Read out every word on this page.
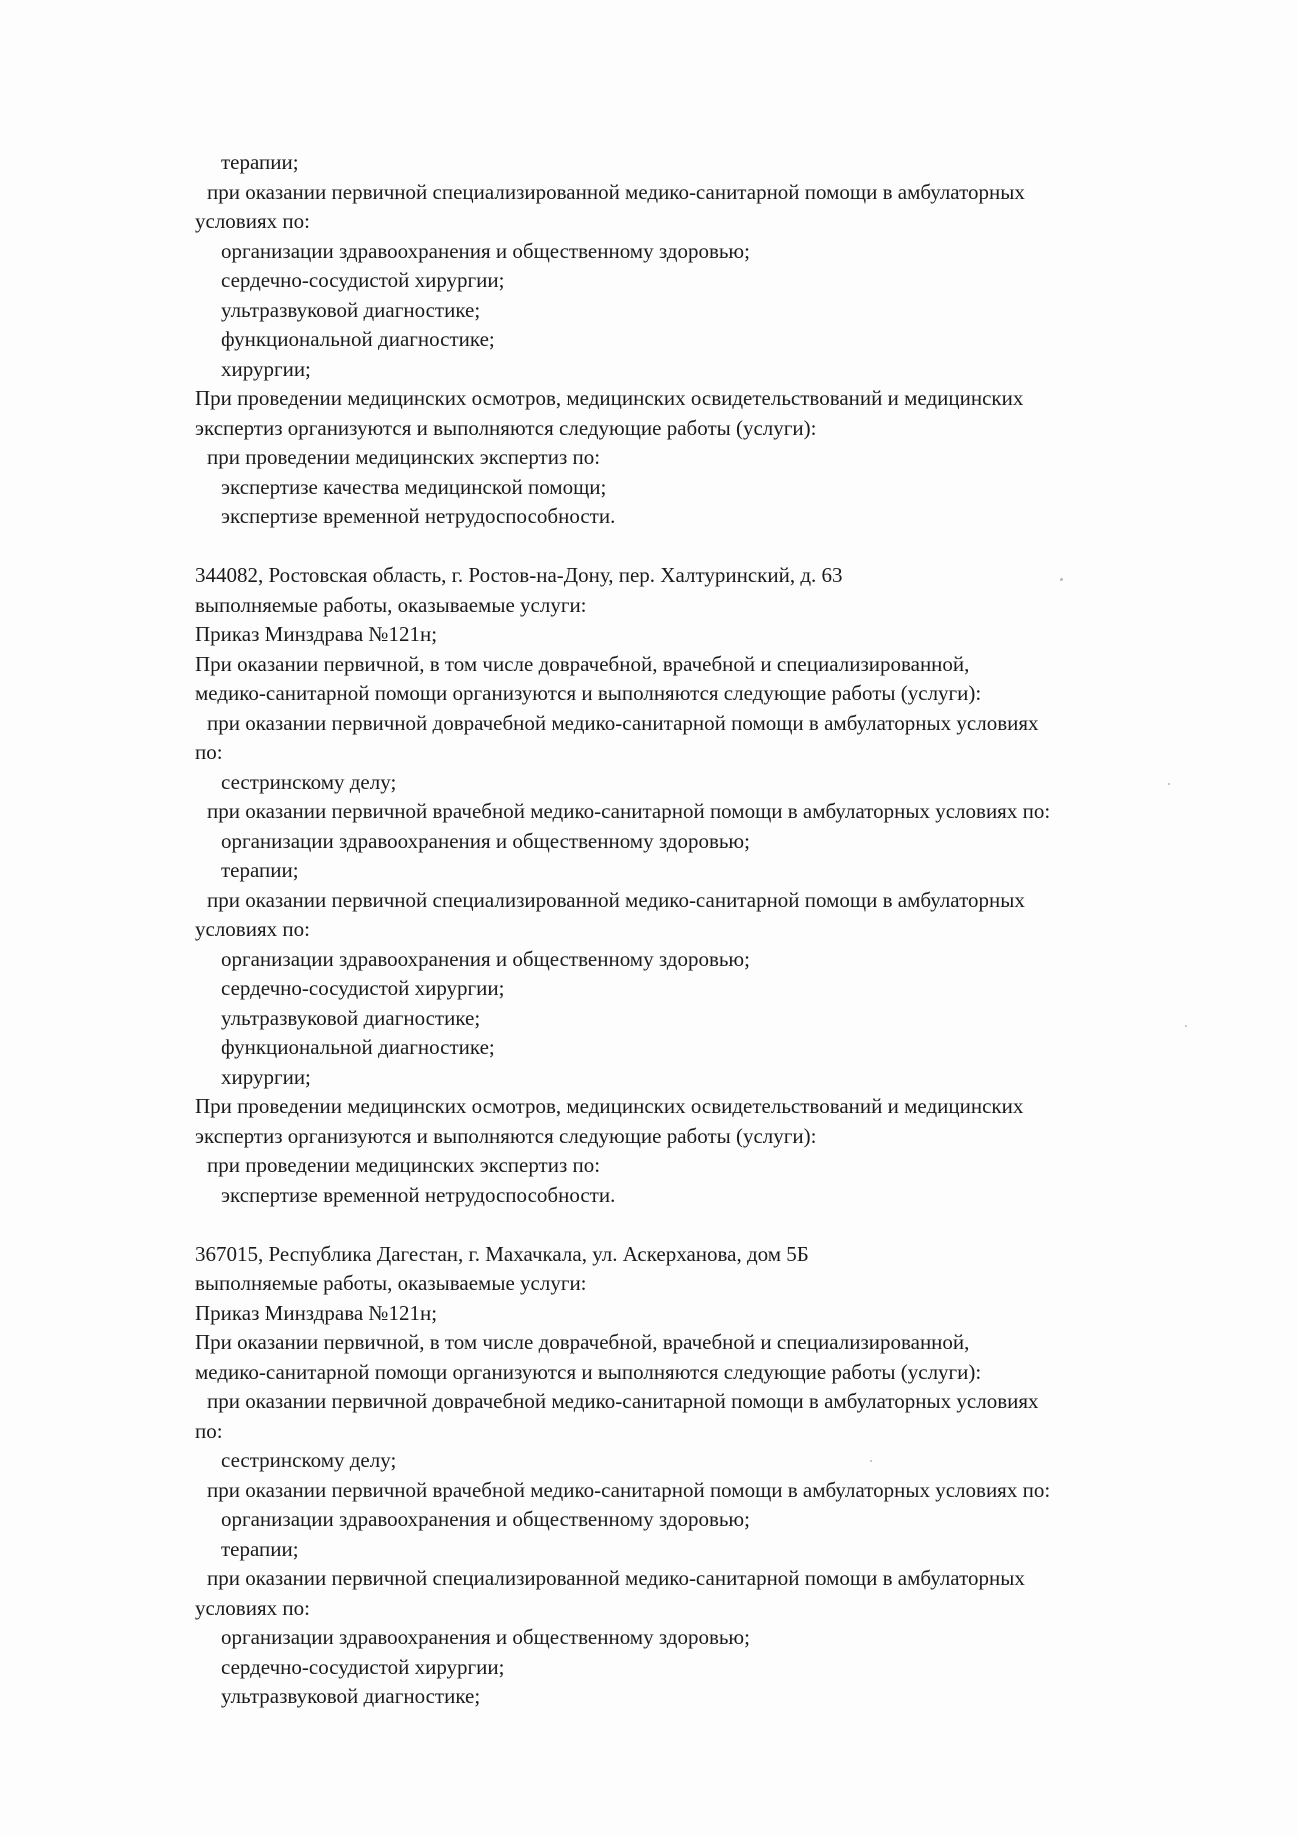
терапии;
при оказании первичной специализированной медико-санитарной помощи в амбулаторных
условиях по:
организации здравоохранения и общественному здоровью;
сердечно-сосудистой хирургии;
ультразвуковой диагностике;
функциональной диагностике;
хирургии;
При проведении медицинских осмотров, медицинских освидетельствований и медицинских
экспертиз организуются и выполняются следующие работы (услуги):
при проведении медицинских экспертиз по:
экспертизе качества медицинской помощи;
экспертизе временной нетрудоспособности.
344082, Ростовская область, г. Ростов-на-Дону, пер. Халтуринский, д. 63
выполняемые работы, оказываемые услуги:
Приказ Минздрава №121н;
При оказании первичной, в том числе доврачебной, врачебной и специализированной,
медико-санитарной помощи организуются и выполняются следующие работы (услуги):
при оказании первичной доврачебной медико-санитарной помощи в амбулаторных условиях
по:
сестринскому делу;
при оказании первичной врачебной медико-санитарной помощи в амбулаторных условиях по:
организации здравоохранения и общественному здоровью;
терапии;
при оказании первичной специализированной медико-санитарной помощи в амбулаторных
условиях по:
организации здравоохранения и общественному здоровью;
сердечно-сосудистой хирургии;
ультразвуковой диагностике;
функциональной диагностике;
хирургии;
При проведении медицинских осмотров, медицинских освидетельствований и медицинских
экспертиз организуются и выполняются следующие работы (услуги):
при проведении медицинских экспертиз по:
экспертизе временной нетрудоспособности.
367015, Республика Дагестан, г. Махачкала, ул. Аскерханова, дом 5Б
выполняемые работы, оказываемые услуги:
Приказ Минздрава №121н;
При оказании первичной, в том числе доврачебной, врачебной и специализированной,
медико-санитарной помощи организуются и выполняются следующие работы (услуги):
при оказании первичной доврачебной медико-санитарной помощи в амбулаторных условиях
по:
сестринскому делу;
при оказании первичной врачебной медико-санитарной помощи в амбулаторных условиях по:
организации здравоохранения и общественному здоровью;
терапии;
при оказании первичной специализированной медико-санитарной помощи в амбулаторных
условиях по:
организации здравоохранения и общественному здоровью;
сердечно-сосудистой хирургии;
ультразвуковой диагностике;
